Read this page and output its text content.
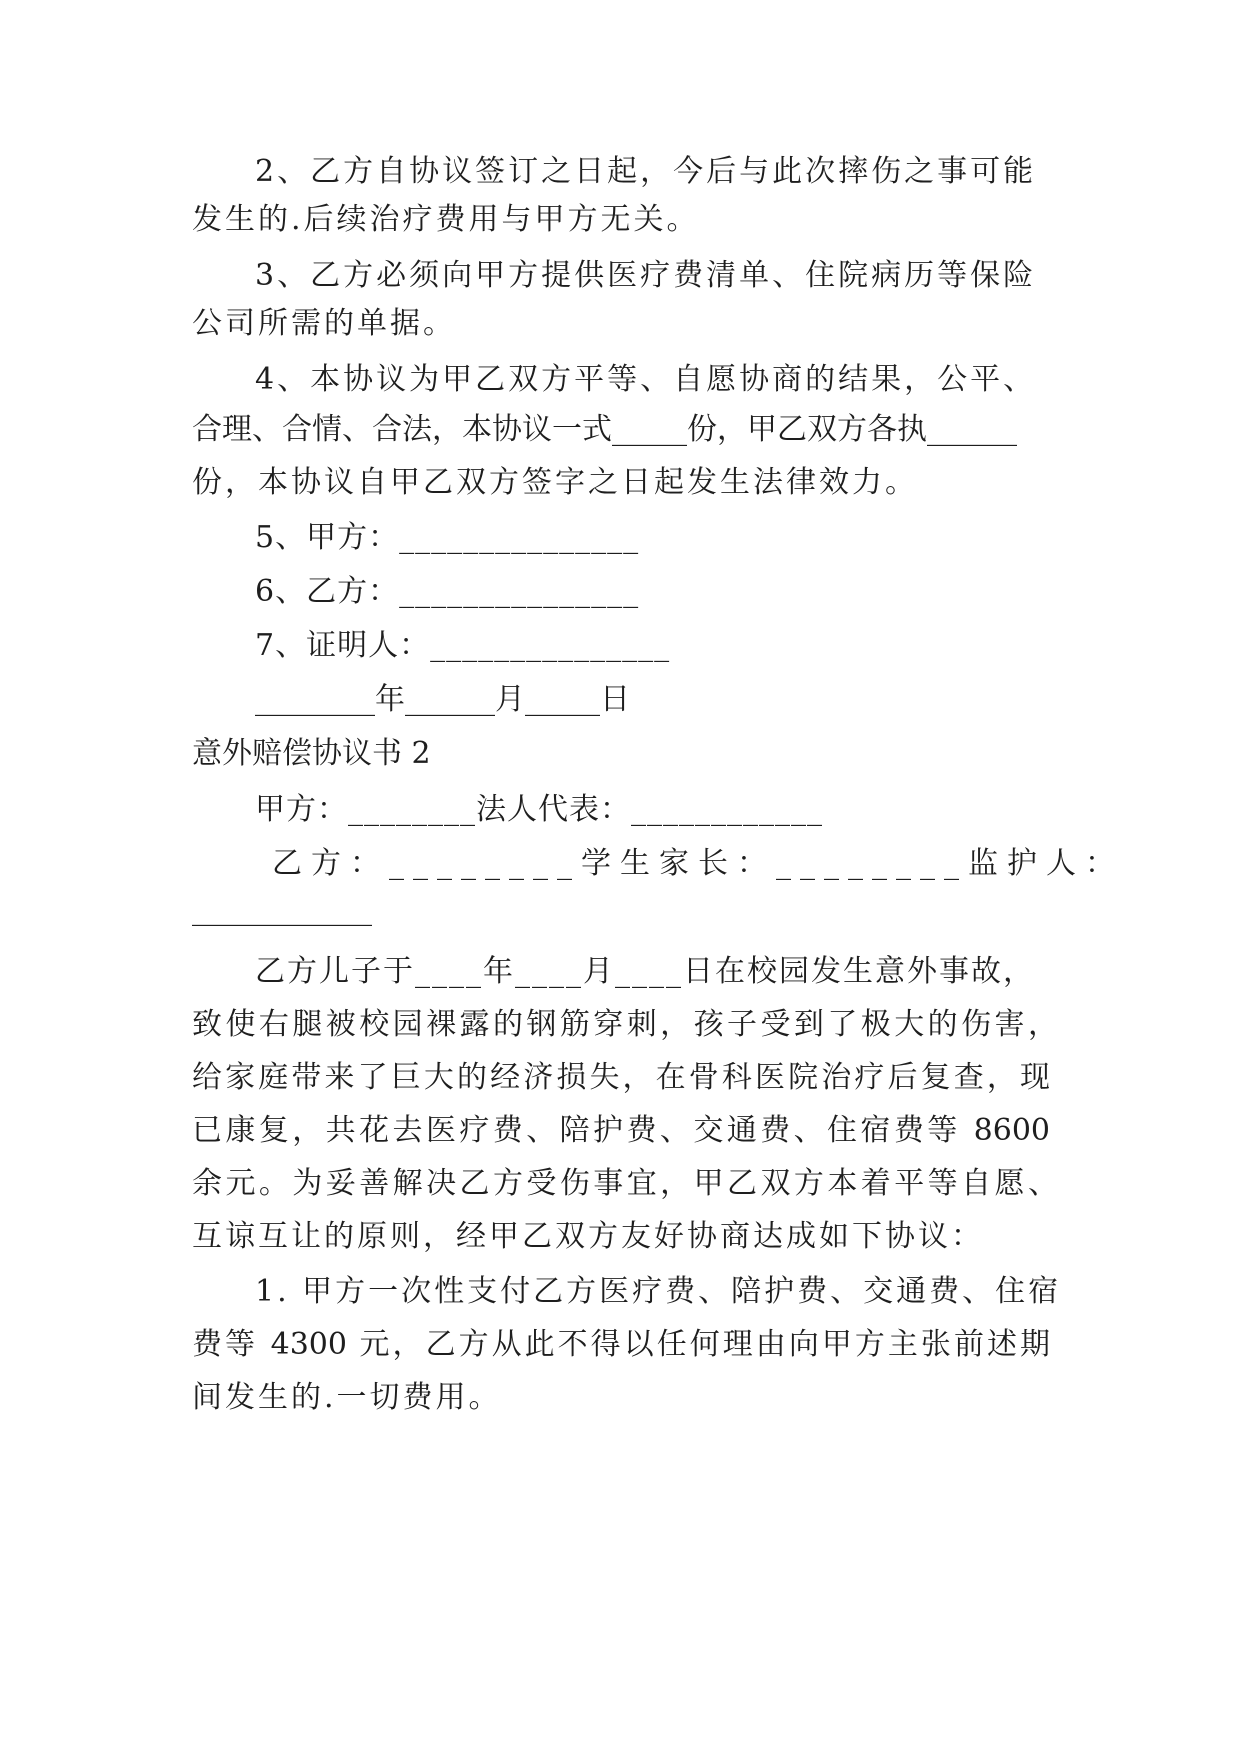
2、乙方自协议签订之日起，今后与此次摔伤之事可能
发生的.后续治疗费用与甲方无关。
3、乙方必须向甲方提供医疗费清单、住院病历等保险
公司所需的单据。
4、本协议为甲乙双方平等、自愿协商的结果，公平、
合理、合情、合法，本协议一式_____份，甲乙双方各执______
份，本协议自甲乙双方签字之日起发生法律效力。
5、甲方：_______________
6、乙方：_______________
7、证明人：_______________
________年______月_____日
意外赔偿协议书 2
甲方：________法人代表：____________
乙方：________学生家长：________监护人：
____________
乙方儿子于____年____月____日在校园发生意外事故，
致使右腿被校园裸露的钢筋穿刺，孩子受到了极大的伤害，
给家庭带来了巨大的经济损失，在骨科医院治疗后复查，现
已康复，共花去医疗费、陪护费、交通费、住宿费等 8600
余元。为妥善解决乙方受伤事宜，甲乙双方本着平等自愿、
互谅互让的原则，经甲乙双方友好协商达成如下协议：
1. 甲方一次性支付乙方医疗费、陪护费、交通费、住宿
费等 4300 元，乙方从此不得以任何理由向甲方主张前述期
间发生的.一切费用。
